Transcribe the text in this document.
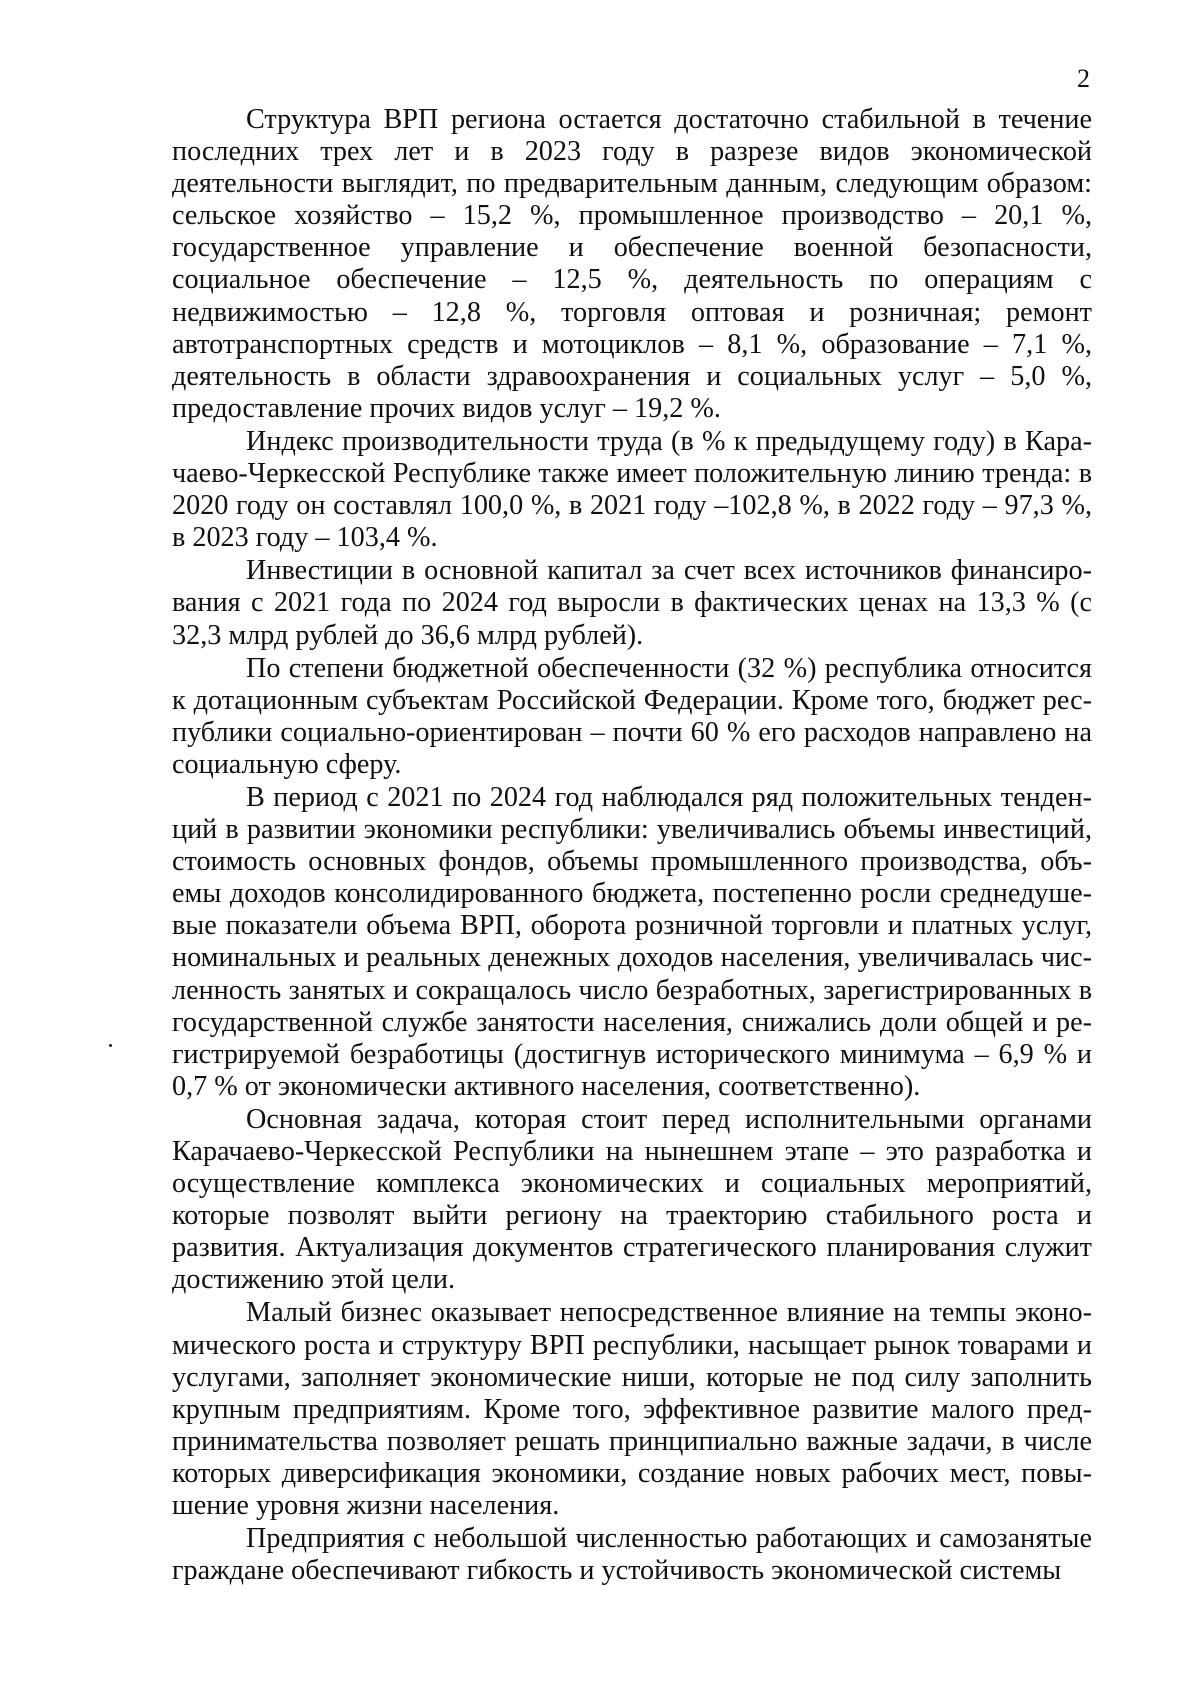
2

Структура ВРП региона остается достаточно стабильной в течение последних трех лет и в 2023 году в разрезе видов экономической деятельности выглядит, по предварительным данным, следующим образом: сельское хозяйство – 15,2 %, промышленное производство – 20,1 %, государственное управление и обеспечение военной безопасности, социальное обеспечение – 12,5 %, деятельность по операциям с недвижимостью – 12,8 %, торговля оптовая и розничная; ремонт автотранспортных средств и мотоциклов – 8,1 %, образование – 7,1 %, деятельность в области здравоохранения и социальных услуг – 5,0 %, предоставление прочих видов услуг – 19,2 %.

Индекс производительности труда (в % к предыдущему году) в Карачаево-Черкесской Республике также имеет положительную линию тренда: в 2020 году он составлял 100,0 %, в 2021 году –102,8 %, в 2022 году – 97,3 %, в 2023 году – 103,4 %.

Инвестиции в основной капитал за счет всех источников финансирования с 2021 года по 2024 год выросли в фактических ценах на 13,3 % (с 32,3 млрд рублей до 36,6 млрд рублей).

По степени бюджетной обеспеченности (32 %) республика относится к дотационным субъектам Российской Федерации. Кроме того, бюджет республики социально-ориентирован – почти 60 % его расходов направлено на социальную сферу.

В период с 2021 по 2024 год наблюдался ряд положительных тенденций в развитии экономики республики: увеличивались объемы инвестиций, стоимость основных фондов, объемы промышленного производства, объемы доходов консолидированного бюджета, постепенно росли среднедушевые показатели объема ВРП, оборота розничной торговли и платных услуг, номинальных и реальных денежных доходов населения, увеличивалась численность занятых и сокращалось число безработных, зарегистрированных в государственной службе занятости населения, снижались доли общей и регистрируемой безработицы (достигнув исторического минимума – 6,9 % и 0,7 % от экономически активного населения, соответственно).

Основная задача, которая стоит перед исполнительными органами Карачаево-Черкесской Республики на нынешнем этапе – это разработка и осуществление комплекса экономических и социальных мероприятий, которые позволят выйти региону на траекторию стабильного роста и развития. Актуализация документов стратегического планирования служит достижению этой цели.

Малый бизнес оказывает непосредственное влияние на темпы экономического роста и структуру ВРП республики, насыщает рынок товарами и услугами, заполняет экономические ниши, которые не под силу заполнить крупным предприятиям. Кроме того, эффективное развитие малого предпринимательства позволяет решать принципиально важные задачи, в числе которых диверсификация экономики, создание новых рабочих мест, повышение уровня жизни населения.

Предприятия с небольшой численностью работающих и самозанятые граждане обеспечивают гибкость и устойчивость экономической системы
